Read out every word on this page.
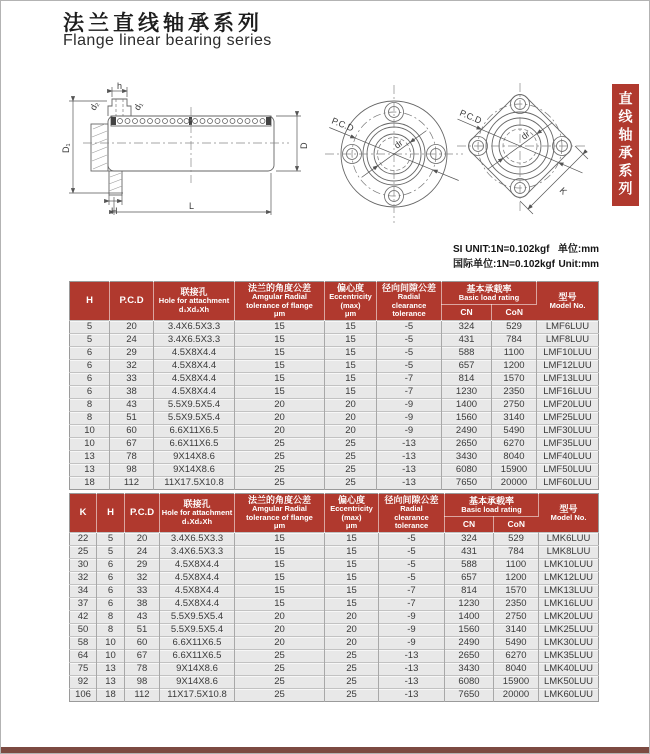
法兰直线轴承系列
Flange linear bearing series
h
d₂	d₁
D₁	D
H	L
P.C.D
dr
P.C.D
dr
K	直线轴承系列
SI UNIT:1N=0.102kgf 单位:mm
国际单位:1N=0.102kgf Unit:mm
H	P.C.D	
联接孔
Hole for attachment
d₁Xd₂Xh

法兰的角度公差
Amgular Radial
tolerance of flange
μm

偏心度
Eccentricity
(max)
μm

径向间隙公差
Radial
clearance
tolerance

基本承载率
Basic load rating	型号
Model No.

						CN	CoN	
5	20	3.4X6.5X3.3	15	15	-5	324	529	LMF6LUU
5	24	3.4X6.5X3.3	15	15	-5	431	784	LMF8LUU
6	29	4.5X8X4.4	15	15	-5	588	1100	LMF10LUU
6	32	4.5X8X4.4	15	15	-5	657	1200	LMF12LUU
6	33	4.5X8X4.4	15	15	-7	814	1570	LMF13LUU
6	38	4.5X8X4.4	15	15	-7	1230	2350	LMF16LUU
8	43	5.5X9.5X5.4	20	20	-9	1400	2750	LMF20LUU
8	51	5.5X9.5X5.4	20	20	-9	1560	3140	LMF25LUU
10	60	6.6X11X6.5	20	20	-9	2490	5490	LMF30LUU
10	67	6.6X11X6.5	25	25	-13	2650	6270	LMF35LUU
13	78	9X14X8.6	25	25	-13	3430	8040	LMF40LUU
13	98	9X14X8.6	25	25	-13	6080	15900	LMF50LUU
18	112	11X17.5X10.8	25	25	-13	7650	20000	LMF60LUU
K	H	P.C.D	
联接孔
Hole for attachment
d₁Xd₂Xh

法兰的角度公差
Amgular Radial
tolerance of flange
μm

偏心度
Eccentricity
(max)
μm

径向间隙公差
Radial
clearance
tolerance

基本承载率
Basic load rating	型号
Model No.

							CN	CoN	
22	5	20	3.4X6.5X3.3	15	15	-5	324	529	LMK6LUU
25	5	24	3.4X6.5X3.3	15	15	-5	431	784	LMK8LUU
30	6	29	4.5X8X4.4	15	15	-5	588	1100	LMK10LUU
32	6	32	4.5X8X4.4	15	15	-5	657	1200	LMK12LUU
34	6	33	4.5X8X4.4	15	15	-7	814	1570	LMK13LUU
37	6	38	4.5X8X4.4	15	15	-7	1230	2350	LMK16LUU
42	8	43	5.5X9.5X5.4	20	20	-9	1400	2750	LMK20LUU
50	8	51	5.5X9.5X5.4	20	20	-9	1560	3140	LMK25LUU
58	10	60	6.6X11X6.5	20	20	-9	2490	5490	LMK30LUU
64	10	67	6.6X11X6.5	25	25	-13	2650	6270	LMK35LUU
75	13	78	9X14X8.6	25	25	-13	3430	8040	LMK40LUU
92	13	98	9X14X8.6	25	25	-13	6080	15900	LMK50LUU
106	18	112	11X17.5X10.8	25	25	-13	7650	20000	LMK60LUU
